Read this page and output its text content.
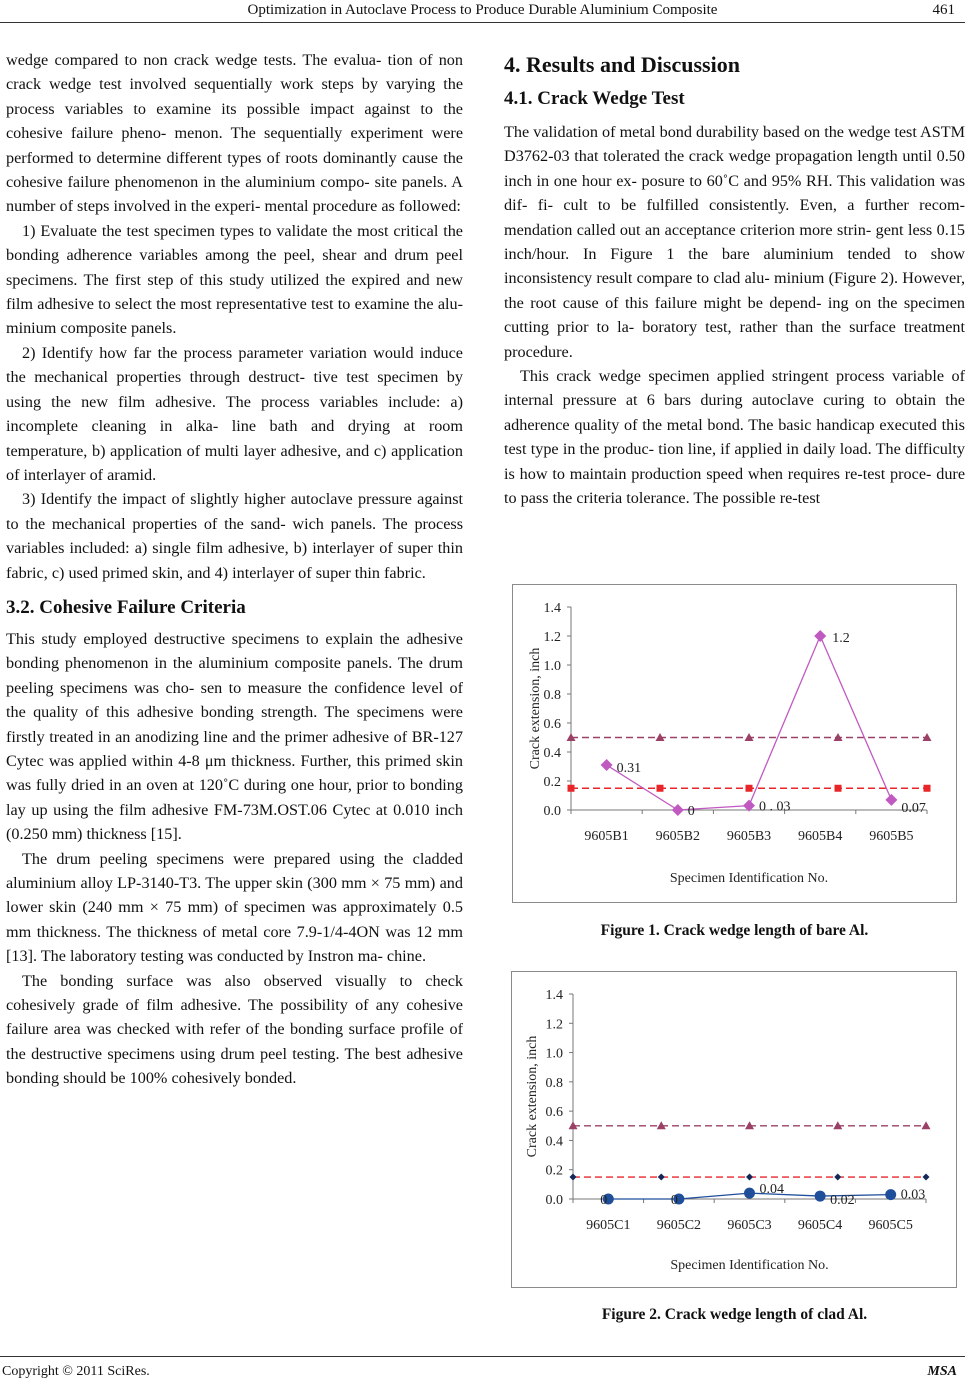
Optimization in Autoclave Process to Produce Durable Aluminium Composite	461

wedge compared to non crack wedge tests. The evalua- tion of non crack wedge test involved sequentially work steps by varying the process variables to examine its possible impact against to the cohesive failure pheno- menon. The sequentially experiment were performed to determine different types of roots dominantly cause the cohesive failure phenomenon in the aluminium compo- site panels. A number of steps involved in the experi- mental procedure as followed:

1) Evaluate the test specimen types to validate the most critical the bonding adherence variables among the peel, shear and drum peel specimens. The first step of this study utilized the expired and new film adhesive to select the most representative test to examine the alu- minium composite panels.

2) Identify how far the process parameter variation would induce the mechanical properties through destruct- tive test specimen by using the new film adhesive. The process variables include: a) incomplete cleaning in alka- line bath and drying at room temperature, b) application of multi layer adhesive, and c) application of interlayer of aramid.

3) Identify the impact of slightly higher autoclave pressure against to the mechanical properties of the sand- wich panels. The process variables included: a) single film adhesive, b) interlayer of super thin fabric, c) used primed skin, and 4) interlayer of super thin fabric.

3.2. Cohesive Failure Criteria

This study employed destructive specimens to explain the adhesive bonding phenomenon in the aluminium composite panels. The drum peeling specimens was cho- sen to measure the confidence level of the quality of this adhesive bonding strength. The specimens were firstly treated in an anodizing line and the primer adhesive of BR-127 Cytec was applied within 4-8 μm thickness. Further, this primed skin was fully dried in an oven at 120˚C during one hour, prior to bonding lay up using the film adhesive FM-73M.OST.06 Cytec at 0.010 inch (0.250 mm) thickness [15].

The drum peeling specimens were prepared using the cladded aluminium alloy LP-3140-T3. The upper skin (300 mm × 75 mm) and lower skin (240 mm × 75 mm) of specimen was approximately 0.5 mm thickness. The thickness of metal core 7.9-1/4-4ON was 12 mm [13]. The laboratory testing was conducted by Instron ma- chine.

The bonding surface was also observed visually to check cohesively grade of film adhesive. The possibility of any cohesive failure area was checked with refer of the bonding surface profile of the destructive specimens using drum peel testing. The best adhesive bonding should be 100% cohesively bonded.

4. Results and Discussion
4.1. Crack Wedge Test

The validation of metal bond durability based on the wedge test ASTM D3762-03 that tolerated the crack wedge propagation length until 0.50 inch in one hour ex- posure to 60˚C and 95% RH. This validation was dif- fi- cult to be fulfilled consistently. Even, a further recom- mendation called out an acceptance criterion more strin- gent less 0.15 inch/hour. In Figure 1 the bare aluminium tended to show inconsistency result compare to clad alu- minium (Figure 2). However, the root cause of this failure might be depend- ing on the specimen cutting prior to la- boratory test, rather than the surface treatment procedure.

This crack wedge specimen applied stringent process variable of internal pressure at 6 bars during autoclave curing to obtain the adherence quality of the metal bond. The basic handicap executed this test type in the produc- tion line, if applied in daily load. The difficulty is how to maintain production speed when requires re-test proce- dure to pass the criteria tolerance. The possible re-test

0.0
0.2
0.4
0.6
0.8
1.0
1.2
1.4
9605B1 9605B2 9605B3 9605B4 9605B5
Crack extension, inch
Specimen Identification No.
0.31
0	0 . 03
1.2
0.07
Figure 1. Crack wedge length of bare Al.
0.0
0.2
0.4
0.6
0.8
1.0
1.2
1.4
9605C1 9605C2 9605C3 9605C4 9605C5
Crack extension, inch
Specimen Identification No.
0	0
0.04
0.02	0.03
Figure 2. Crack wedge length of clad Al.
Copyright © 2011 SciRes.	MSA
